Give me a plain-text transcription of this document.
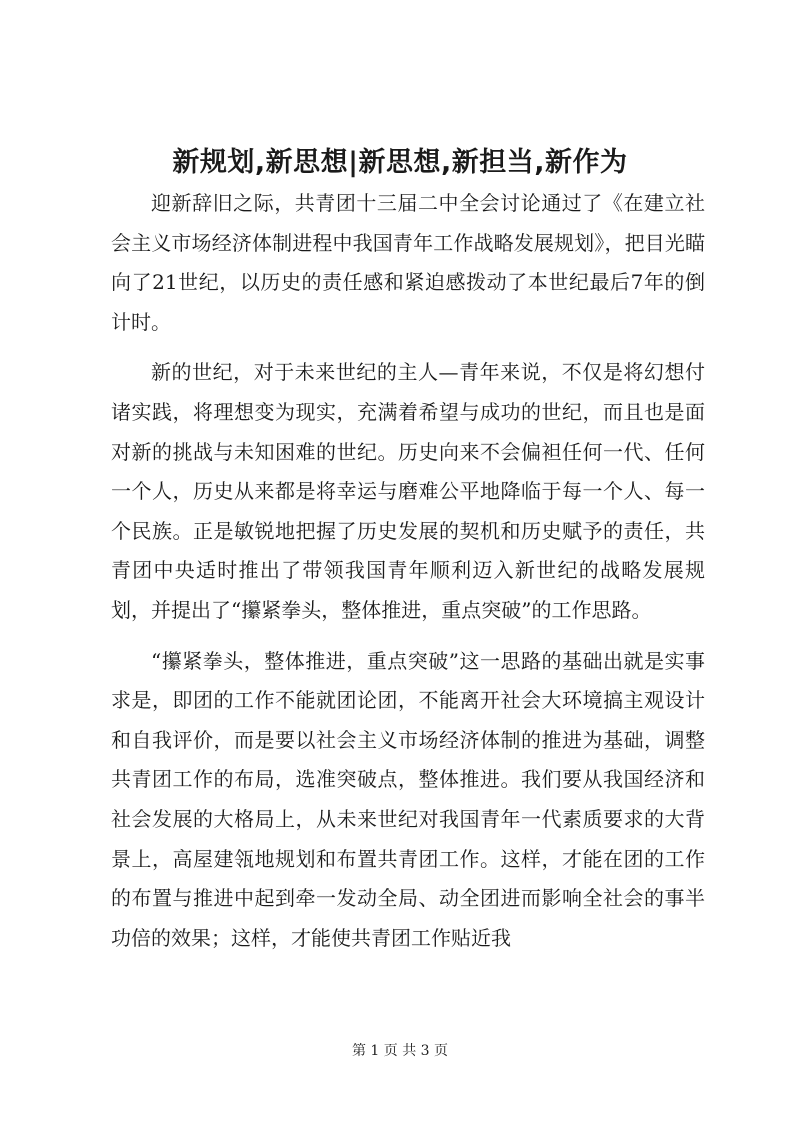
新规划,新思想|新思想,新担当,新作为

迎新辞旧之际，共青团十三届二中全会讨论通过了《在建立社会主义市场经济体制进程中我国青年工作战略发展规划》，把目光瞄向了21世纪，以历史的责任感和紧迫感拨动了本世纪最后7年的倒计时。

新的世纪，对于未来世纪的主人—青年来说，不仅是将幻想付诸实践，将理想变为现实，充满着希望与成功的世纪，而且也是面对新的挑战与未知困难的世纪。历史向来不会偏袒任何一代、任何一个人，历史从来都是将幸运与磨难公平地降临于每一个人、每一个民族。正是敏锐地把握了历史发展的契机和历史赋予的责任，共青团中央适时推出了带领我国青年顺利迈入新世纪的战略发展规划，并提出了“攥紧拳头，整体推进，重点突破”的工作思路。

“攥紧拳头，整体推进，重点突破”这一思路的基础出就是实事求是，即团的工作不能就团论团，不能离开社会大环境搞主观设计和自我评价，而是要以社会主义市场经济体制的推进为基础，调整共青团工作的布局，选准突破点，整体推进。我们要从我国经济和社会发展的大格局上，从未来世纪对我国青年一代素质要求的大背景上，高屋建瓴地规划和布置共青团工作。这样，才能在团的工作的布置与推进中起到牵一发动全局、动全团进而影响全社会的事半功倍的效果；这样，才能使共青团工作贴近我

第 1 页 共 3 页
